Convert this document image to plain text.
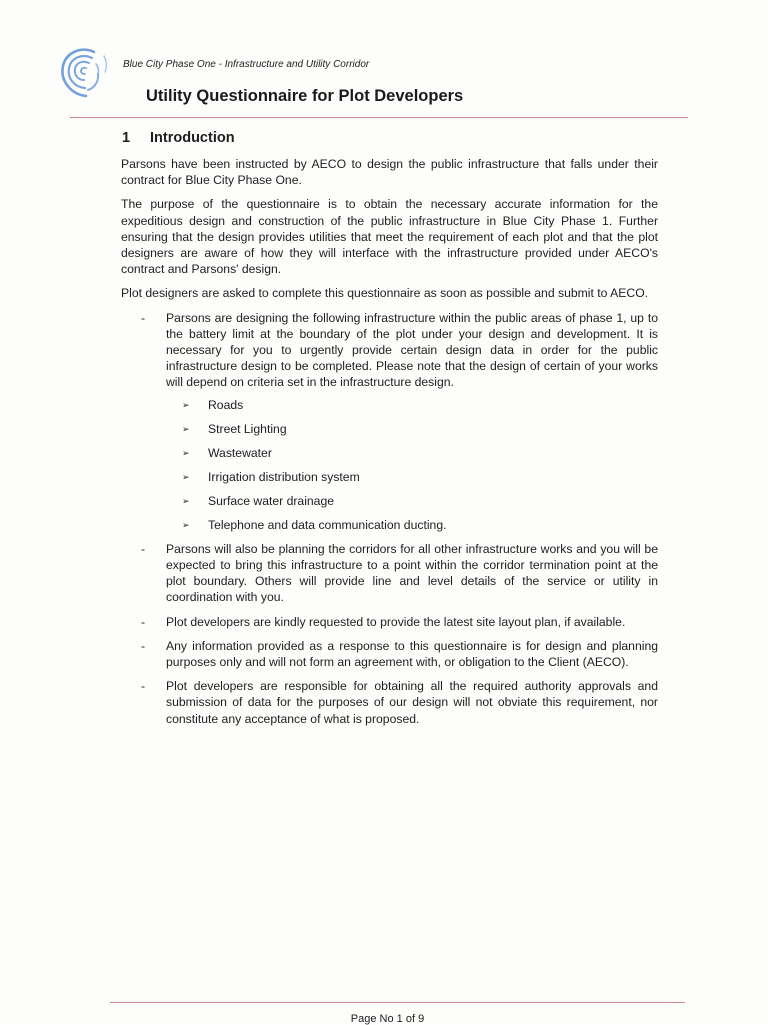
Blue City Phase One - Infrastructure and Utility Corridor
Utility Questionnaire for Plot Developers
1 Introduction

Parsons have been instructed by AECO to design the public infrastructure that falls under their contract for Blue City Phase One.

The purpose of the questionnaire is to obtain the necessary accurate information for the expeditious design and construction of the public infrastructure in Blue City Phase 1. Further ensuring that the design provides utilities that meet the requirement of each plot and that the plot designers are aware of how they will interface with the infrastructure provided under AECO's contract and Parsons' design.

Plot designers are asked to complete this questionnaire as soon as possible and submit to AECO.

- Parsons are designing the following infrastructure within the public areas of phase 1, up to the battery limit at the boundary of the plot under your design and development. It is necessary for you to urgently provide certain design data in order for the public infrastructure design to be completed. Please note that the design of certain of your works will depend on criteria set in the infrastructure design.
➢ Roads
➢ Street Lighting
➢ Wastewater
➢ Irrigation distribution system
➢ Surface water drainage
➢ Telephone and data communication ducting.
- Parsons will also be planning the corridors for all other infrastructure works and you will be expected to bring this infrastructure to a point within the corridor termination point at the plot boundary. Others will provide line and level details of the service or utility in coordination with you.
- Plot developers are kindly requested to provide the latest site layout plan, if available.
- Any information provided as a response to this questionnaire is for design and planning purposes only and will not form an agreement with, or obligation to the Client (AECO).
- Plot developers are responsible for obtaining all the required authority approvals and submission of data for the purposes of our design will not obviate this requirement, nor constitute any acceptance of what is proposed.
Page No 1 of 9
